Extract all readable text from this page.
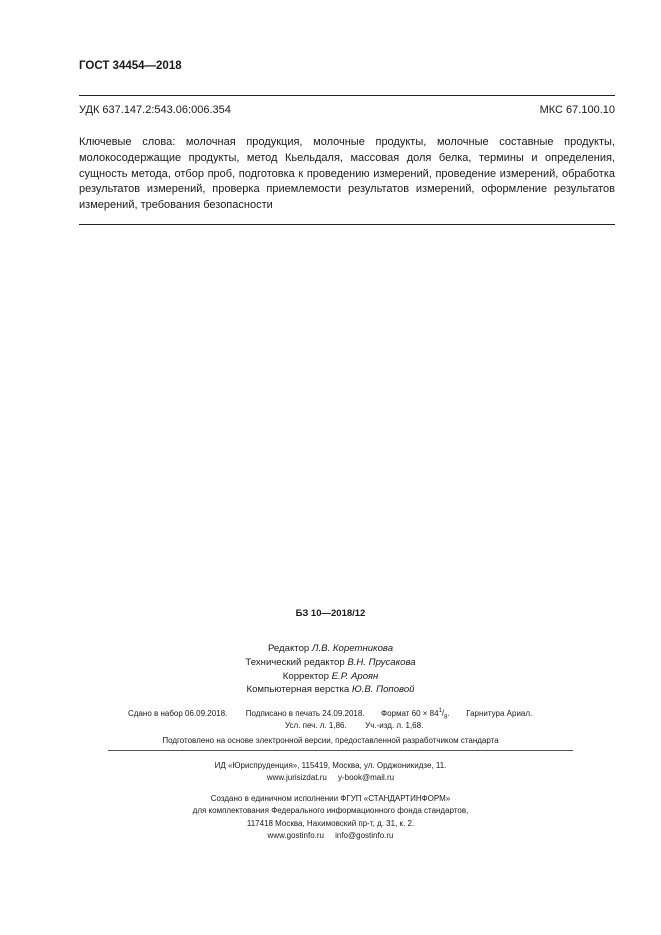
ГОСТ 34454—2018
УДК 637.147.2:543.06:006.354	МКС 67.100.10
Ключевые слова: молочная продукция, молочные продукты, молочные составные продукты, молокосодержащие продукты, метод Кьельдаля, массовая доля белка, термины и определения, сущность метода, отбор проб, подготовка к проведению измерений, проведение измерений, обработка результатов измерений, проверка приемлемости результатов измерений, оформление результатов измерений, требования безопасности
БЗ 10—2018/12
Редактор Л.В. Коретникова
Технический редактор В.Н. Прусакова
Корректор Е.Р. Ароян
Компьютерная верстка Ю.В. Поповой
Сдано в набор 06.09.2018. Подписано в печать 24.09.2018. Формат $60 \times 84^1/_8$. Гарнитура Ариал.
Усл. печ. л. 1,86. Уч.-изд. л. 1,68.
Подготовлено на основе электронной версии, предоставленной разработчиком стандарта
ИД «Юриспруденция», 115419, Москва, ул. Орджоникидзе, 11.
www.jurisizdat.ru     y-book@mail.ru
Создано в единичном исполнении ФГУП «СТАНДАРТИНФОРМ»
для комплектования Федерального информационного фонда стандартов,
117418 Москва, Нахимовский пр-т, д. 31, к. 2.
www.gostinfo.ru     info@gostinfo.ru
